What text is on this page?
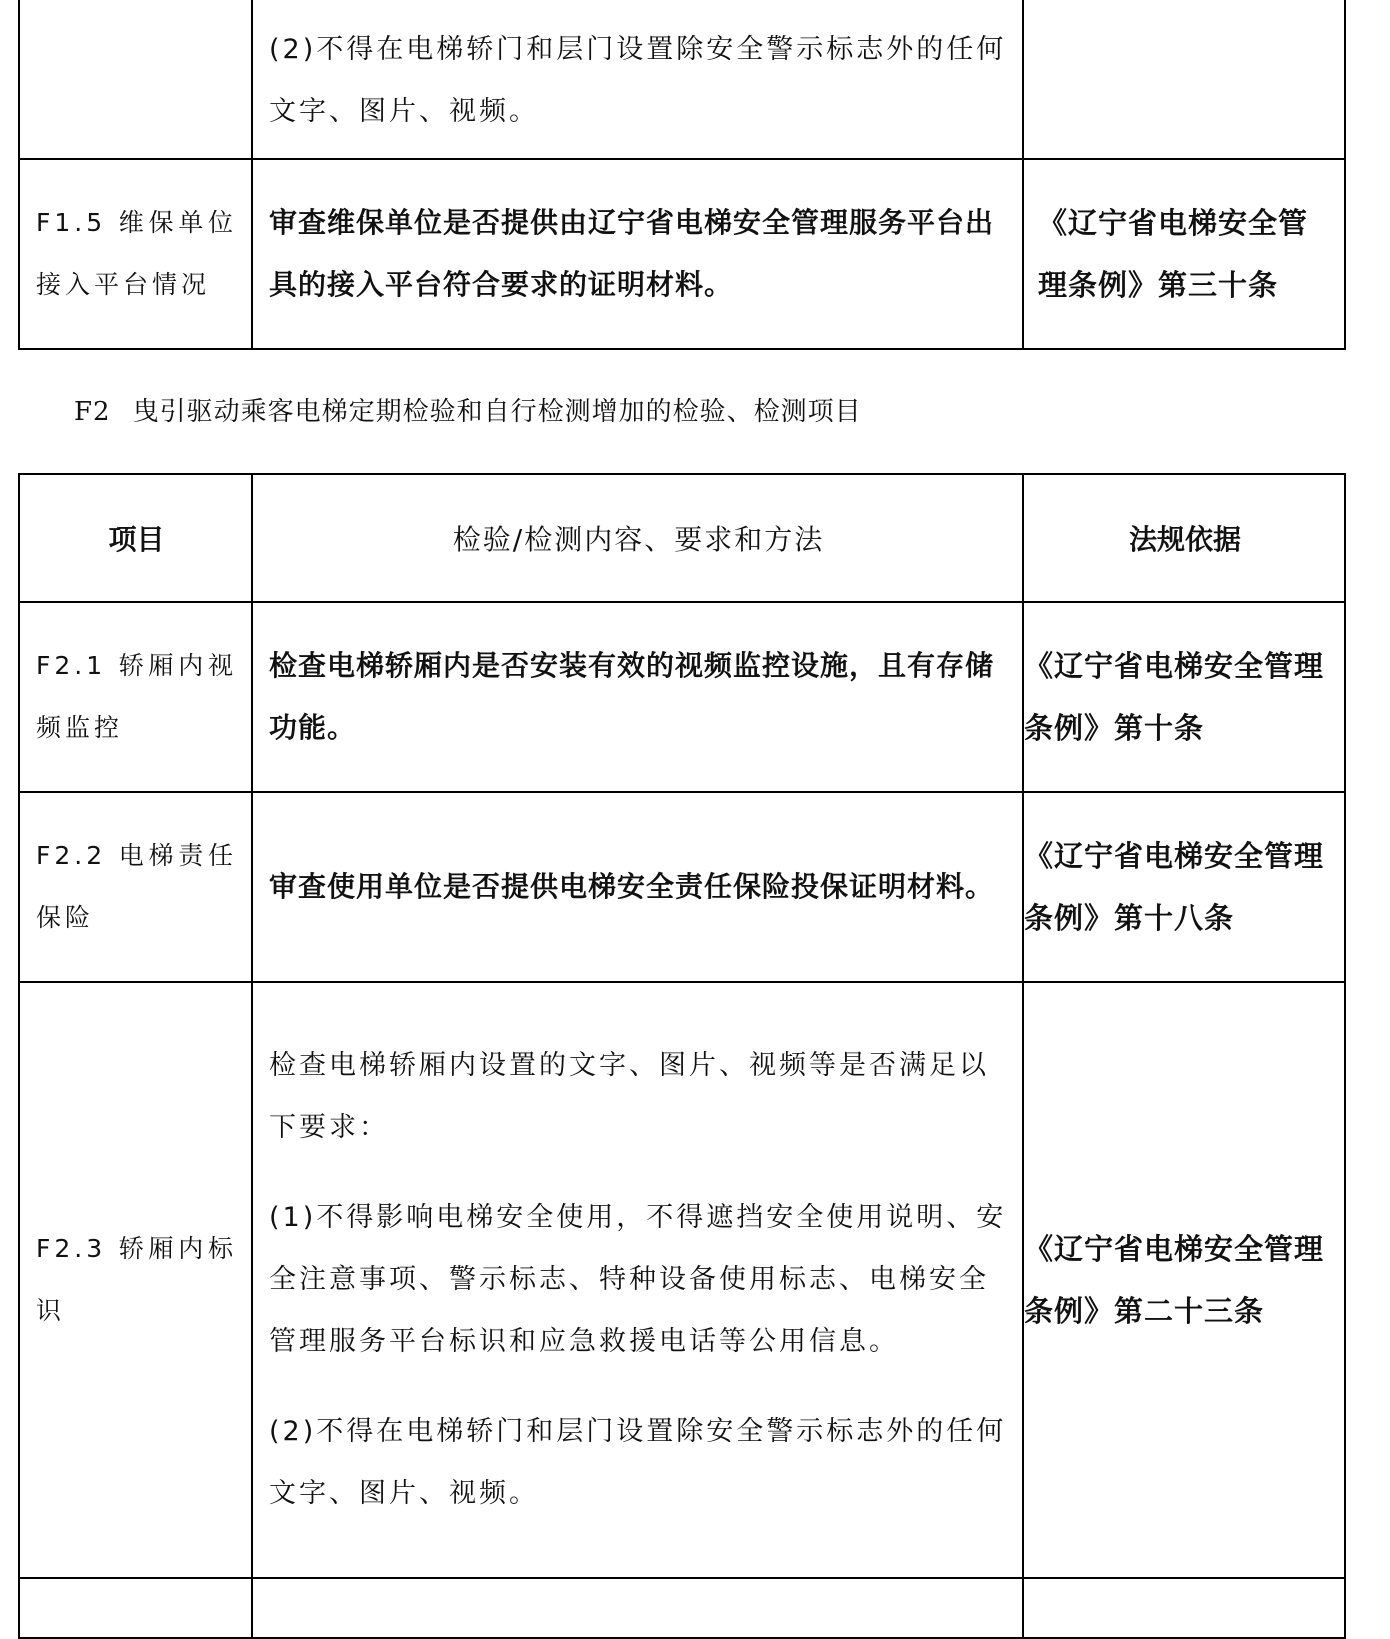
	(2)不得在电梯轿门和层门设置除安全警示标志外的任何文字、图片、视频。	

F1.5 维保单位接入平台情况	审查维保单位是否提供由辽宁省电梯安全管理服务平台出具的接入平台符合要求的证明材料。	《辽宁省电梯安全管理条例》第三十条
F2 曳引驱动乘客电梯定期检验和自行检测增加的检验、检测项目
项目	检验/检测内容、要求和方法	法规依据
F2.1 轿厢内视频监控	检查电梯轿厢内是否安装有效的视频监控设施，且有存储功能。	《辽宁省电梯安全管理条例》第十条
F2.2 电梯责任保险	审查使用单位是否提供电梯安全责任保险投保证明材料。	《辽宁省电梯安全管理条例》第十八条
F2.3 轿厢内标识	检查电梯轿厢内设置的文字、图片、视频等是否满足以下要求：

(1)不得影响电梯安全使用，不得遮挡安全使用说明、安全注意事项、警示标志、特种设备使用标志、电梯安全管理服务平台标识和应急救援电话等公用信息。

(2)不得在电梯轿门和层门设置除安全警示标志外的任何文字、图片、视频。	《辽宁省电梯安全管理条例》第二十三条
